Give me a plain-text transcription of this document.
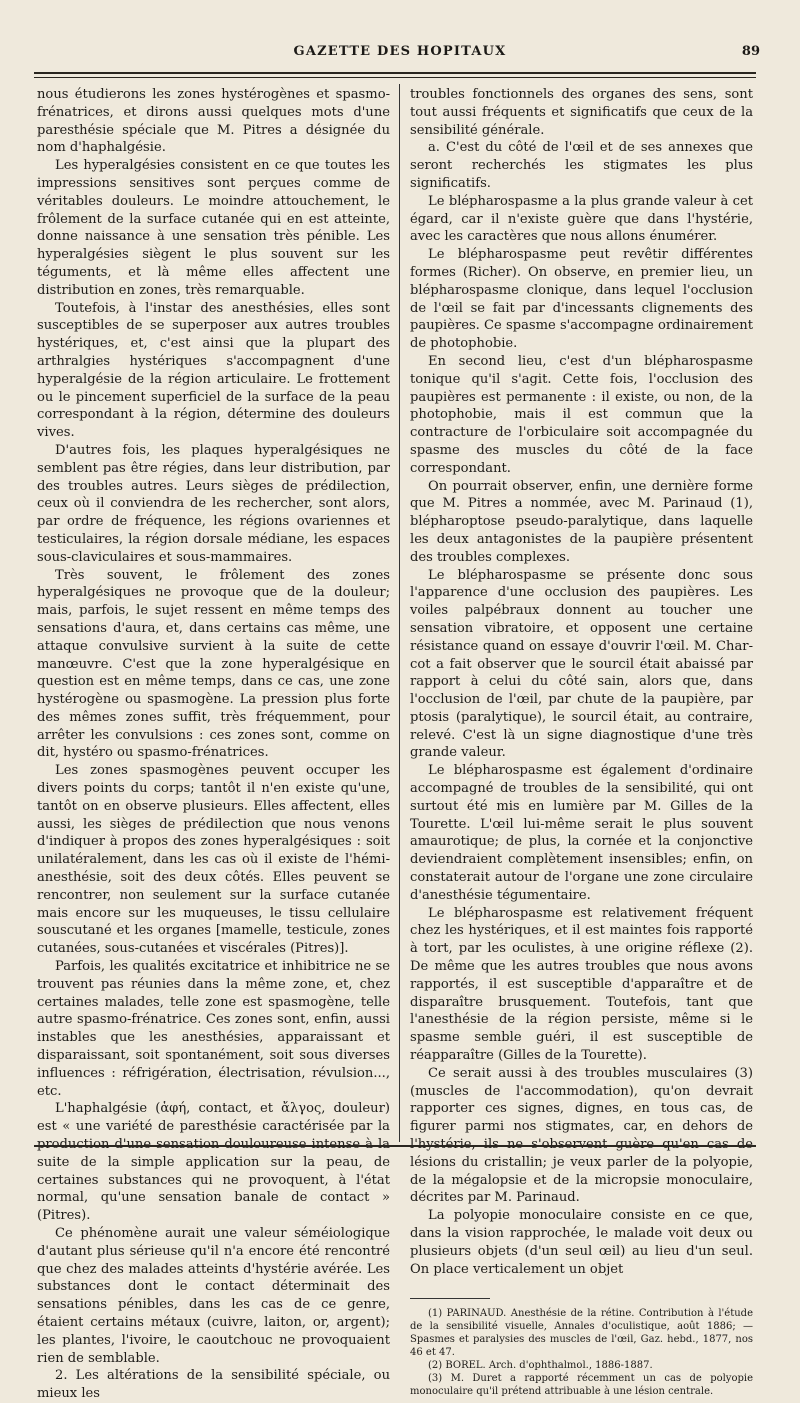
GAZETTE DES HOPITAUX	89

nous étudierons les zones hystérogènes et spasmo-frénatrices, et dirons aussi quelques mots d'une paresthésie spéciale que M. Pitres a désignée du nom d'haphalgésie.

Les hyperalgésies consistent en ce que toutes les impressions sensitives sont perçues comme de véritables douleurs. Le moindre attouchement, le frôlement de la surface cutanée qui en est atteinte, donne naissance à une sensation très pénible. Les hyperalgésies siègent le plus souvent sur les téguments, et là même elles affectent une distribution en zones, très remarquable.

Toutefois, à l'instar des anesthésies, elles sont susceptibles de se superposer aux autres troubles hystériques, et, c'est ainsi que la plupart des arthralgies hystériques s'accompagnent d'une hyperalgésie de la région articulaire. Le frottement ou le pincement superficiel de la surface de la peau correspondant à la région, détermine des douleurs vives.

D'autres fois, les plaques hyperalgésiques ne semblent pas être régies, dans leur distribution, par des troubles autres. Leurs sièges de prédilection, ceux où il conviendra de les rechercher, sont alors, par ordre de fréquence, les régions ovariennes et testiculaires, la région dorsale médiane, les espaces sous-claviculaires et sous-mammaires.

Très souvent, le frôlement des zones hyperalgésiques ne provoque que de la douleur; mais, parfois, le sujet ressent en même temps des sensations d'aura, et, dans certains cas même, une attaque convulsive survient à la suite de cette manœuvre. C'est que la zone hyperalgésique en question est en même temps, dans ce cas, une zone hystérogène ou spasmogène. La pression plus forte des mêmes zones suffit, très fréquemment, pour arrêter les convulsions : ces zones sont, comme on dit, hystéro ou spasmo-frénatrices.

Les zones spasmogènes peuvent occuper les divers points du corps; tantôt il n'en existe qu'une, tantôt on en observe plusieurs. Elles affectent, elles aussi, les sièges de prédilection que nous venons d'indiquer à propos des zones hyperalgésiques : soit unilatéralement, dans les cas où il existe de l'hémi-anesthésie, soit des deux côtés. Elles peuvent se rencontrer, non seulement sur la surface cutanée mais encore sur les muqueuses, le tissu cellulaire souscutané et les organes [mamelle, testicule, zones cutanées, sous-cutanées et viscérales (Pitres)].

Parfois, les qualités excitatrice et inhibitrice ne se trouvent pas réunies dans la même zone, et, chez certaines malades, telle zone est spasmogène, telle autre spasmo-frénatrice. Ces zones sont, enfin, aussi instables que les anesthésies, apparaissant et disparaissant, soit spontanément, soit sous diverses influences : réfrigération, électrisation, révulsion..., etc.

L'haphalgésie (ἁφή, contact, et ἄλγος, douleur) est « une variété de paresthésie caractérisée par la production d'une sensation douloureuse intense à la suite de la simple application sur la peau, de certaines substances qui ne provoquent, à l'état normal, qu'une sensation banale de contact » (Pitres).

Ce phénomène aurait une valeur séméiologique d'autant plus sérieuse qu'il n'a encore été rencontré que chez des malades atteints d'hystérie avérée. Les substances dont le contact déterminait des sensations pénibles, dans les cas de ce genre, étaient certains métaux (cuivre, laiton, or, argent); les plantes, l'ivoire, le caoutchouc ne provoquaient rien de semblable.

2. Les altérations de la sensibilité spéciale, ou mieux les

troubles fonctionnels des organes des sens, sont tout aussi fréquents et significatifs que ceux de la sensibilité générale.

a. C'est du côté de l'œil et de ses annexes que seront recherchés les stigmates les plus significatifs.

Le blépharospasme a la plus grande valeur à cet égard, car il n'existe guère que dans l'hystérie, avec les caractères que nous allons énumérer.

Le blépharospasme peut revêtir différentes formes (Richer). On observe, en premier lieu, un blépharospasme clonique, dans lequel l'occlusion de l'œil se fait par d'incessants clignements des paupières. Ce spasme s'accompagne ordinairement de photophobie.

En second lieu, c'est d'un blépharospasme tonique qu'il s'agit. Cette fois, l'occlusion des paupières est permanente : il existe, ou non, de la photophobie, mais il est commun que la contracture de l'orbiculaire soit accompagnée du spasme des muscles du côté de la face correspondant.

On pourrait observer, enfin, une dernière forme que M. Pitres a nommée, avec M. Parinaud (1), blépharoptose pseudo-paralytique, dans laquelle les deux antagonistes de la paupière présentent des troubles complexes.

Le blépharospasme se présente donc sous l'apparence d'une occlusion des paupières. Les voiles palpébraux donnent au toucher une sensation vibratoire, et opposent une certaine résistance quand on essaye d'ouvrir l'œil. M. Charcot a fait observer que le sourcil était abaissé par rapport à celui du côté sain, alors que, dans l'occlusion de l'œil, par chute de la paupière, par ptosis (paralytique), le sourcil était, au contraire, relevé. C'est là un signe diagnostique d'une très grande valeur.

Le blépharospasme est également d'ordinaire accompagné de troubles de la sensibilité, qui ont surtout été mis en lumière par M. Gilles de la Tourette. L'œil lui-même serait le plus souvent amaurotique; de plus, la cornée et la conjonctive deviendraient complètement insensibles; enfin, on constaterait autour de l'organe une zone circulaire d'anesthésie tégumentaire.

Le blépharospasme est relativement fréquent chez les hystériques, et il est maintes fois rapporté à tort, par les oculistes, à une origine réflexe (2). De même que les autres troubles que nous avons rapportés, il est susceptible d'apparaître et de disparaître brusquement. Toutefois, tant que l'anesthésie de la région persiste, même si le spasme semble guéri, il est susceptible de réapparaître (Gilles de la Tourette).

Ce serait aussi à des troubles musculaires (3) (muscles de l'accommodation), qu'on devrait rapporter ces signes, dignes, en tous cas, de figurer parmi nos stigmates, car, en dehors de l'hystérie, ils ne s'observent guère qu'en cas de lésions du cristallin; je veux parler de la polyopie, de la mégalopsie et de la micropsie monoculaire, décrites par M. Parinaud.

La polyopie monoculaire consiste en ce que, dans la vision rapprochée, le malade voit deux ou plusieurs objets (d'un seul œil) au lieu d'un seul. On place verticalement un objet

(1) PARINAUD. Anesthésie de la rétine. Contribution à l'étude de la sensibilité visuelle, Annales d'oculistique, août 1886; — Spasmes et paralysies des muscles de l'œil, Gaz. hebd., 1877, nos 46 et 47.

(2) BOREL. Arch. d'ophthalmol., 1886-1887.

(3) M. Duret a rapporté récemment un cas de polyopie monoculaire qu'il prétend attribuable à une lésion centrale.
